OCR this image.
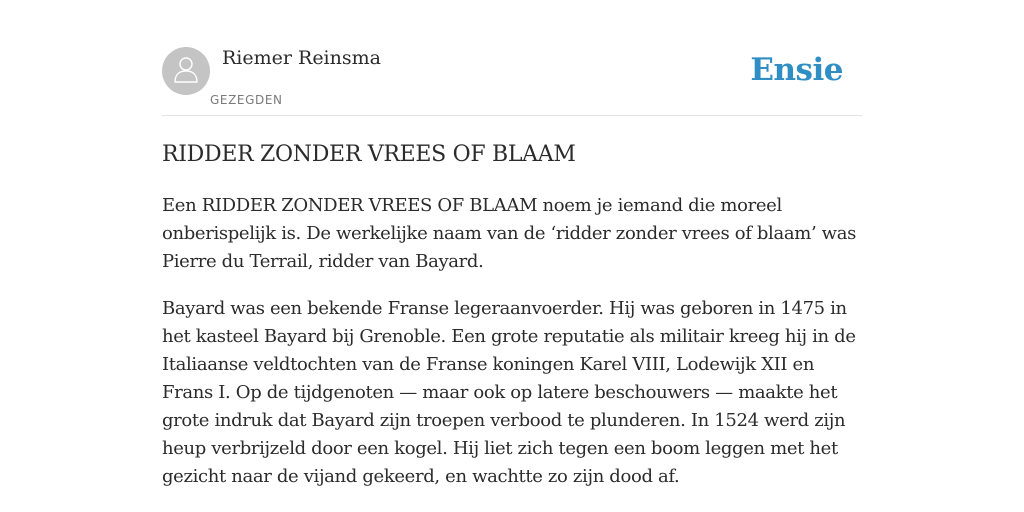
Riemer Reinsma
GEZEGDEN
Ensie
RIDDER ZONDER VREES OF BLAAM

Een RIDDER ZONDER VREES OF BLAAM noem je iemand die moreel onberispelijk is. De werkelijke naam van de ‘ridder zonder vrees of blaam’ was Pierre du Terrail, ridder van Bayard.

Bayard was een bekende Franse legeraanvoerder. Hij was geboren in 1475 in het kasteel Bayard bij Grenoble. Een grote reputatie als militair kreeg hij in de Italiaanse veldtochten van de Franse koningen Karel VIII, Lodewijk XII en Frans I. Op de tijdgenoten — maar ook op latere beschouwers — maakte het grote indruk dat Bayard zijn troepen verbood te plunderen. In 1524 werd zijn heup verbrijzeld door een kogel. Hij liet zich tegen een boom leggen met het gezicht naar de vijand gekeerd, en wachtte zo zijn dood af.
